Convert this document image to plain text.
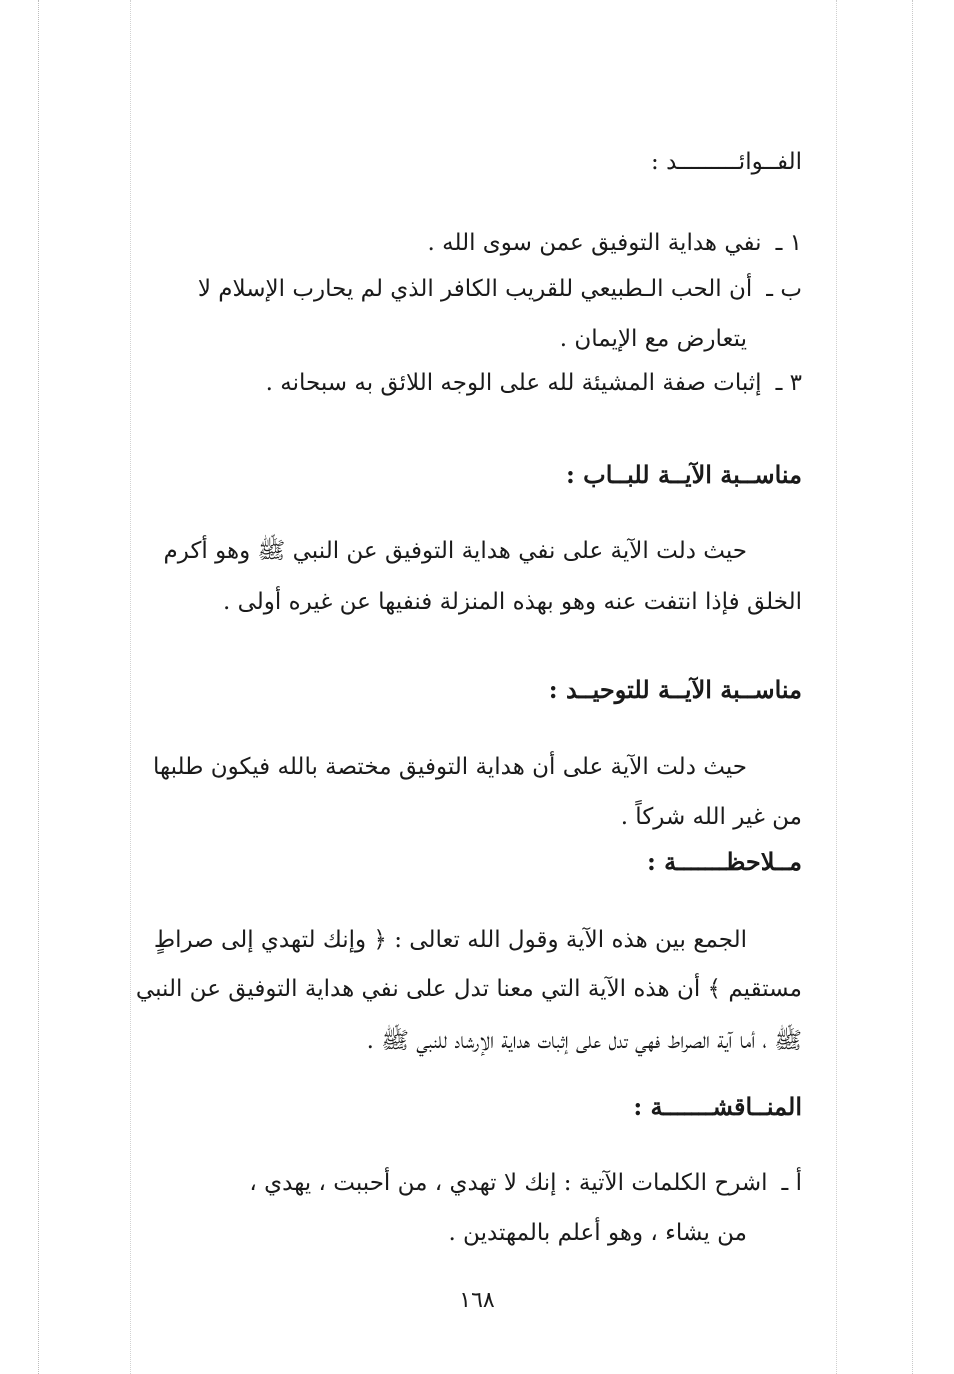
الفــوائـــــــــد :
١ ـنفي هداية التوفيق عمن سوى الله .
ب ـأن الحب الـطبيعي للقريب الكافر الذي لم يحارب الإسلام لا
يتعارض مع الإيمان .
٣ ـإثبات صفة المشيئة لله على الوجه اللائق به سبحانه .
مناســبة الآيــة للبــاب :
حيث دلت الآية على نفي هداية التوفيق عن النبي ﷺ وهو أكرم
الخلق فإذا انتفت عنه وهو بهذه المنزلة فنفيها عن غيره أولى .
مناســبة الآيــة للتوحيــد :
حيث دلت الآية على أن هداية التوفيق مختصة بالله فيكون طلبها
من غير الله شركاً .
مــلاحظـــــــة :
الجمع بين هذه الآية وقول الله تعالى : ﴿ وإنك لتهدي إلى صراطٍ
مستقيم ﴾ أن هذه الآية التي معنا تدل على نفي هداية التوفيق عن النبي
ﷺ ، أما آية الصراط فهي تدل على إثبات هداية الإرشاد للنبي ﷺ .
المنــاقشـــــــة :
أ ـاشرح الكلمات الآتية : إنك لا تهدي ، من أحببت ، يهدي ،
من يشاء ، وهو أعلم بالمهتدين .
١٦٨
